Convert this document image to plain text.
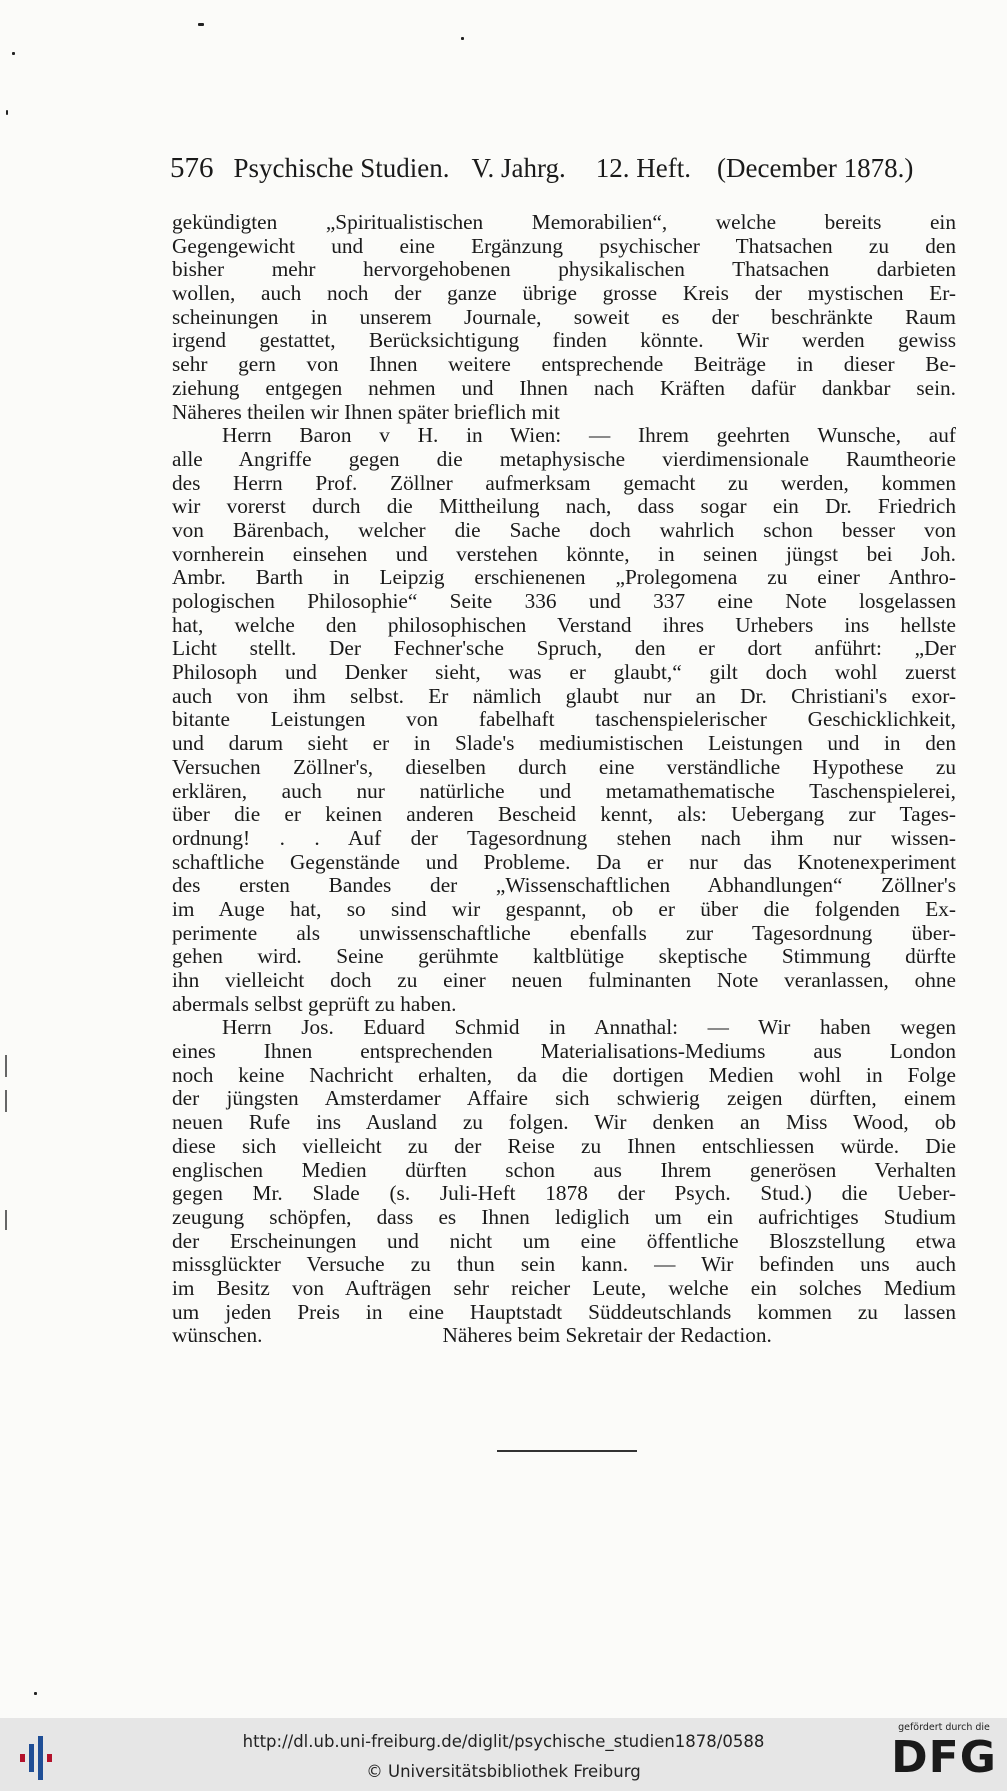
576 Psychische Studien. V. Jahrg. 12. Heft. (December 1878.)
gekündigten „Spiritualistischen Memorabilien“, welche bereits ein
Gegengewicht und eine Ergänzung psychischer Thatsachen zu den
bisher mehr hervorgehobenen physikalischen Thatsachen darbieten
wollen, auch noch der ganze übrige grosse Kreis der mystischen Er-
scheinungen in unserem Journale, soweit es der beschränkte Raum
irgend gestattet, Berücksichtigung finden könnte. Wir werden gewiss
sehr gern von Ihnen weitere entsprechende Beiträge in dieser Be-
ziehung entgegen nehmen und Ihnen nach Kräften dafür dankbar sein.
Näheres theilen wir Ihnen später brieflich mit
Herrn Baron v H. in Wien: — Ihrem geehrten Wunsche, auf
alle Angriffe gegen die metaphysische vierdimensionale Raumtheorie
des Herrn Prof. Zöllner aufmerksam gemacht zu werden, kommen
wir vorerst durch die Mittheilung nach, dass sogar ein Dr. Friedrich
von Bärenbach, welcher die Sache doch wahrlich schon besser von
vornherein einsehen und verstehen könnte, in seinen jüngst bei Joh.
Ambr. Barth in Leipzig erschienenen „Prolegomena zu einer Anthro-
pologischen Philosophie“ Seite 336 und 337 eine Note losgelassen
hat, welche den philosophischen Verstand ihres Urhebers ins hellste
Licht stellt. Der Fechner'sche Spruch, den er dort anführt: „Der
Philosoph und Denker sieht, was er glaubt,“ gilt doch wohl zuerst
auch von ihm selbst. Er nämlich glaubt nur an Dr. Christiani's exor-
bitante Leistungen von fabelhaft taschenspielerischer Geschicklichkeit,
und darum sieht er in Slade's mediumistischen Leistungen und in den
Versuchen Zöllner's, dieselben durch eine verständliche Hypothese zu
erklären, auch nur natürliche und metamathematische Taschenspielerei,
über die er keinen anderen Bescheid kennt, als: Uebergang zur Tages-
ordnung! . . Auf der Tagesordnung stehen nach ihm nur wissen-
schaftliche Gegenstände und Probleme. Da er nur das Knotenexperiment
des ersten Bandes der „Wissenschaftlichen Abhandlungen“ Zöllner's
im Auge hat, so sind wir gespannt, ob er über die folgenden Ex-
perimente als unwissenschaftliche ebenfalls zur Tagesordnung über-
gehen wird. Seine gerühmte kaltblütige skeptische Stimmung dürfte
ihn vielleicht doch zu einer neuen fulminanten Note veranlassen, ohne
abermals selbst geprüft zu haben.
Herrn Jos. Eduard Schmid in Annathal: — Wir haben wegen
eines Ihnen entsprechenden Materialisations-Mediums aus London
noch keine Nachricht erhalten, da die dortigen Medien wohl in Folge
der jüngsten Amsterdamer Affaire sich schwierig zeigen dürften, einem
neuen Rufe ins Ausland zu folgen. Wir denken an Miss Wood, ob
diese sich vielleicht zu der Reise zu Ihnen entschliessen würde. Die
englischen Medien dürften schon aus Ihrem generösen Verhalten
gegen Mr. Slade (s. Juli-Heft 1878 der Psych. Stud.) die Ueber-
zeugung schöpfen, dass es Ihnen lediglich um ein aufrichtiges Studium
der Erscheinungen und nicht um eine öffentliche Bloszstellung etwa
missglückter Versuche zu thun sein kann. — Wir befinden uns auch
im Besitz von Aufträgen sehr reicher Leute, welche ein solches Medium
um jeden Preis in eine Hauptstadt Süddeutschlands kommen zu lassen
wünschen.	Näheres beim Sekretair der Redaction.
http://dl.ub.uni-freiburg.de/diglit/psychische_studien1878/0588
© Universitätsbibliothek Freiburg
gefördert durch die
DFG
